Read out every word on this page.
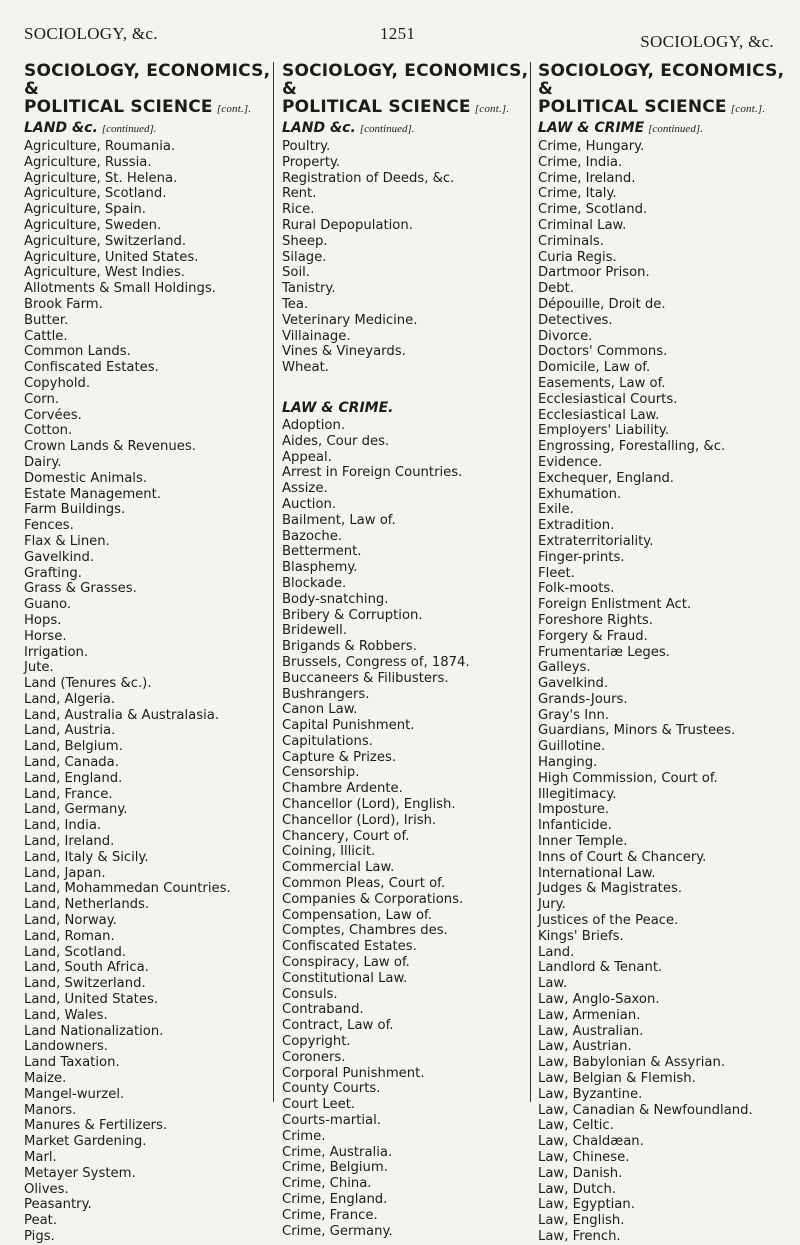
SOCIOLOGY, &c.	1251	SOCIOLOGY, &c.
SOCIOLOGY, ECONOMICS, &
POLITICAL SCIENCE [cont.].
LAND &c. [continued].
Agriculture, Roumania.
Agriculture, Russia.
Agriculture, St. Helena.
Agriculture, Scotland.
Agriculture, Spain.
Agriculture, Sweden.
Agriculture, Switzerland.
Agriculture, United States.
Agriculture, West Indies.
Allotments & Small Holdings.
Brook Farm.
Butter.
Cattle.
Common Lands.
Confiscated Estates.
Copyhold.
Corn.
Corvées.
Cotton.
Crown Lands & Revenues.
Dairy.
Domestic Animals.
Estate Management.
Farm Buildings.
Fences.
Flax & Linen.
Gavelkind.
Grafting.
Grass & Grasses.
Guano.
Hops.
Horse.
Irrigation.
Jute.
Land (Tenures &c.).
Land, Algeria.
Land, Australia & Australasia.
Land, Austria.
Land, Belgium.
Land, Canada.
Land, England.
Land, France.
Land, Germany.
Land, India.
Land, Ireland.
Land, Italy & Sicily.
Land, Japan.
Land, Mohammedan Countries.
Land, Netherlands.
Land, Norway.
Land, Roman.
Land, Scotland.
Land, South Africa.
Land, Switzerland.
Land, United States.
Land, Wales.
Land Nationalization.
Landowners.
Land Taxation.
Maize.
Mangel-wurzel.
Manors.
Manures & Fertilizers.
Market Gardening.
Marl.
Metayer System.
Olives.
Peasantry.
Peat.
Pigs.
SOCIOLOGY, ECONOMICS, &
POLITICAL SCIENCE [cont.].
LAND &c. [continued].
Poultry.
Property.
Registration of Deeds, &c.
Rent.
Rice.
Rural Depopulation.
Sheep.
Silage.
Soil.
Tanistry.
Tea.
Veterinary Medicine.
Villainage.
Vines & Vineyards.
Wheat.
LAW & CRIME.
Adoption.
Aides, Cour des.
Appeal.
Arrest in Foreign Countries.
Assize.
Auction.
Bailment, Law of.
Bazoche.
Betterment.
Blasphemy.
Blockade.
Body-snatching.
Bribery & Corruption.
Bridewell.
Brigands & Robbers.
Brussels, Congress of, 1874.
Buccaneers & Filibusters.
Bushrangers.
Canon Law.
Capital Punishment.
Capitulations.
Capture & Prizes.
Censorship.
Chambre Ardente.
Chancellor (Lord), English.
Chancellor (Lord), Irish.
Chancery, Court of.
Coining, Illicit.
Commercial Law.
Common Pleas, Court of.
Companies & Corporations.
Compensation, Law of.
Comptes, Chambres des.
Confiscated Estates.
Conspiracy, Law of.
Constitutional Law.
Consuls.
Contraband.
Contract, Law of.
Copyright.
Coroners.
Corporal Punishment.
County Courts.
Court Leet.
Courts-martial.
Crime.
Crime, Australia.
Crime, Belgium.
Crime, China.
Crime, England.
Crime, France.
Crime, Germany.
SOCIOLOGY, ECONOMICS, &
POLITICAL SCIENCE [cont.].
LAW & CRIME [continued].
Crime, Hungary.
Crime, India.
Crime, Ireland.
Crime, Italy.
Crime, Scotland.
Criminal Law.
Criminals.
Curia Regis.
Dartmoor Prison.
Debt.
Dépouille, Droit de.
Detectives.
Divorce.
Doctors' Commons.
Domicile, Law of.
Easements, Law of.
Ecclesiastical Courts.
Ecclesiastical Law.
Employers' Liability.
Engrossing, Forestalling, &c.
Evidence.
Exchequer, England.
Exhumation.
Exile.
Extradition.
Extraterritoriality.
Finger-prints.
Fleet.
Folk-moots.
Foreign Enlistment Act.
Foreshore Rights.
Forgery & Fraud.
Frumentariæ Leges.
Galleys.
Gavelkind.
Grands-Jours.
Gray's Inn.
Guardians, Minors & Trustees.
Guillotine.
Hanging.
High Commission, Court of.
Illegitimacy.
Imposture.
Infanticide.
Inner Temple.
Inns of Court & Chancery.
International Law.
Judges & Magistrates.
Jury.
Justices of the Peace.
Kings' Briefs.
Land.
Landlord & Tenant.
Law.
Law, Anglo-Saxon.
Law, Armenian.
Law, Australian.
Law, Austrian.
Law, Babylonian & Assyrian.
Law, Belgian & Flemish.
Law, Byzantine.
Law, Canadian & Newfoundland.
Law, Celtic.
Law, Chaldæan.
Law, Chinese.
Law, Danish.
Law, Dutch.
Law, Egyptian.
Law, English.
Law, French.
